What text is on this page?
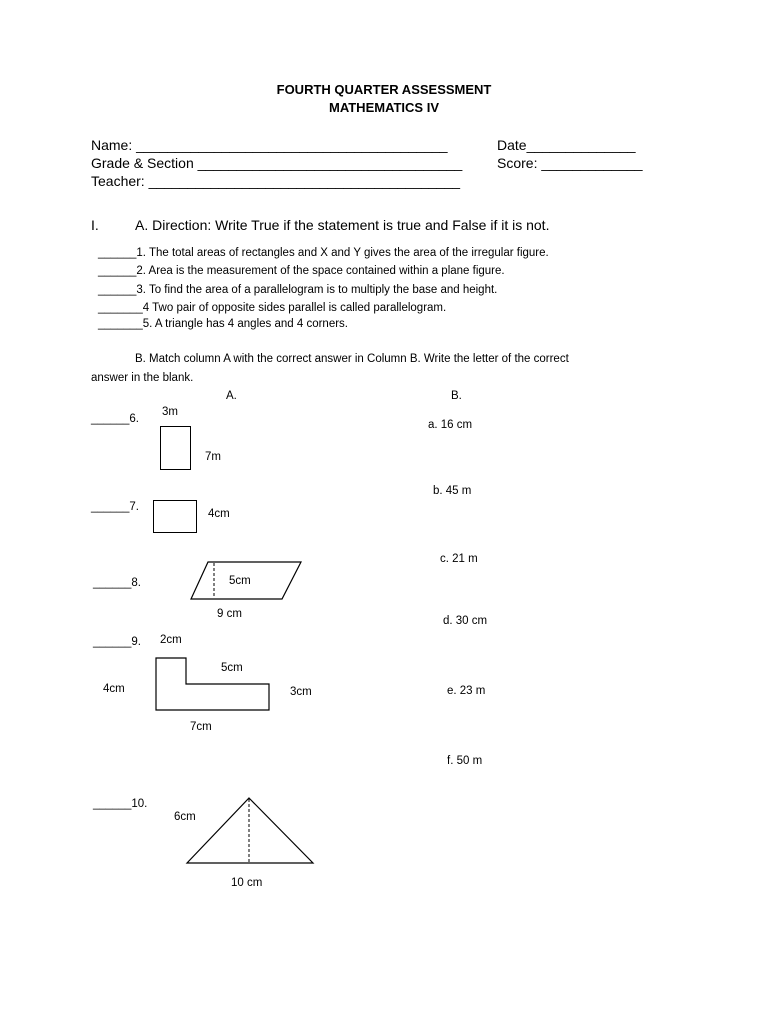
FOURTH QUARTER ASSESSMENT
MATHEMATICS IV
Name: ________________________________________	Date______________
Grade & Section __________________________________ Score: _____________
Teacher: ________________________________________
I.	A. Direction: Write True if the statement is true and False if it is not.
______1. The total areas of rectangles and X and Y gives the area of the irregular figure.
______2. Area is the measurement of the space contained within a plane figure.
______3. To find the area of a parallelogram is to multiply the base and height.
_______4 Two pair of opposite sides parallel is called parallelogram.
_______5. A triangle has 4 angles and 4 corners.
B. Match column A with the correct answer in Column B. Write the letter of the correct
answer in the blank.
A.	B.
a. 16 cm
b. 45 m
c. 21 m
d. 30 cm
e. 23 m
f. 50 m
______6.
3m
7m
______7.
4cm
______8.	5cm
9 cm
______9. 2cm
5cm
4cm	3cm
7cm
______10.
6cm
10 cm
